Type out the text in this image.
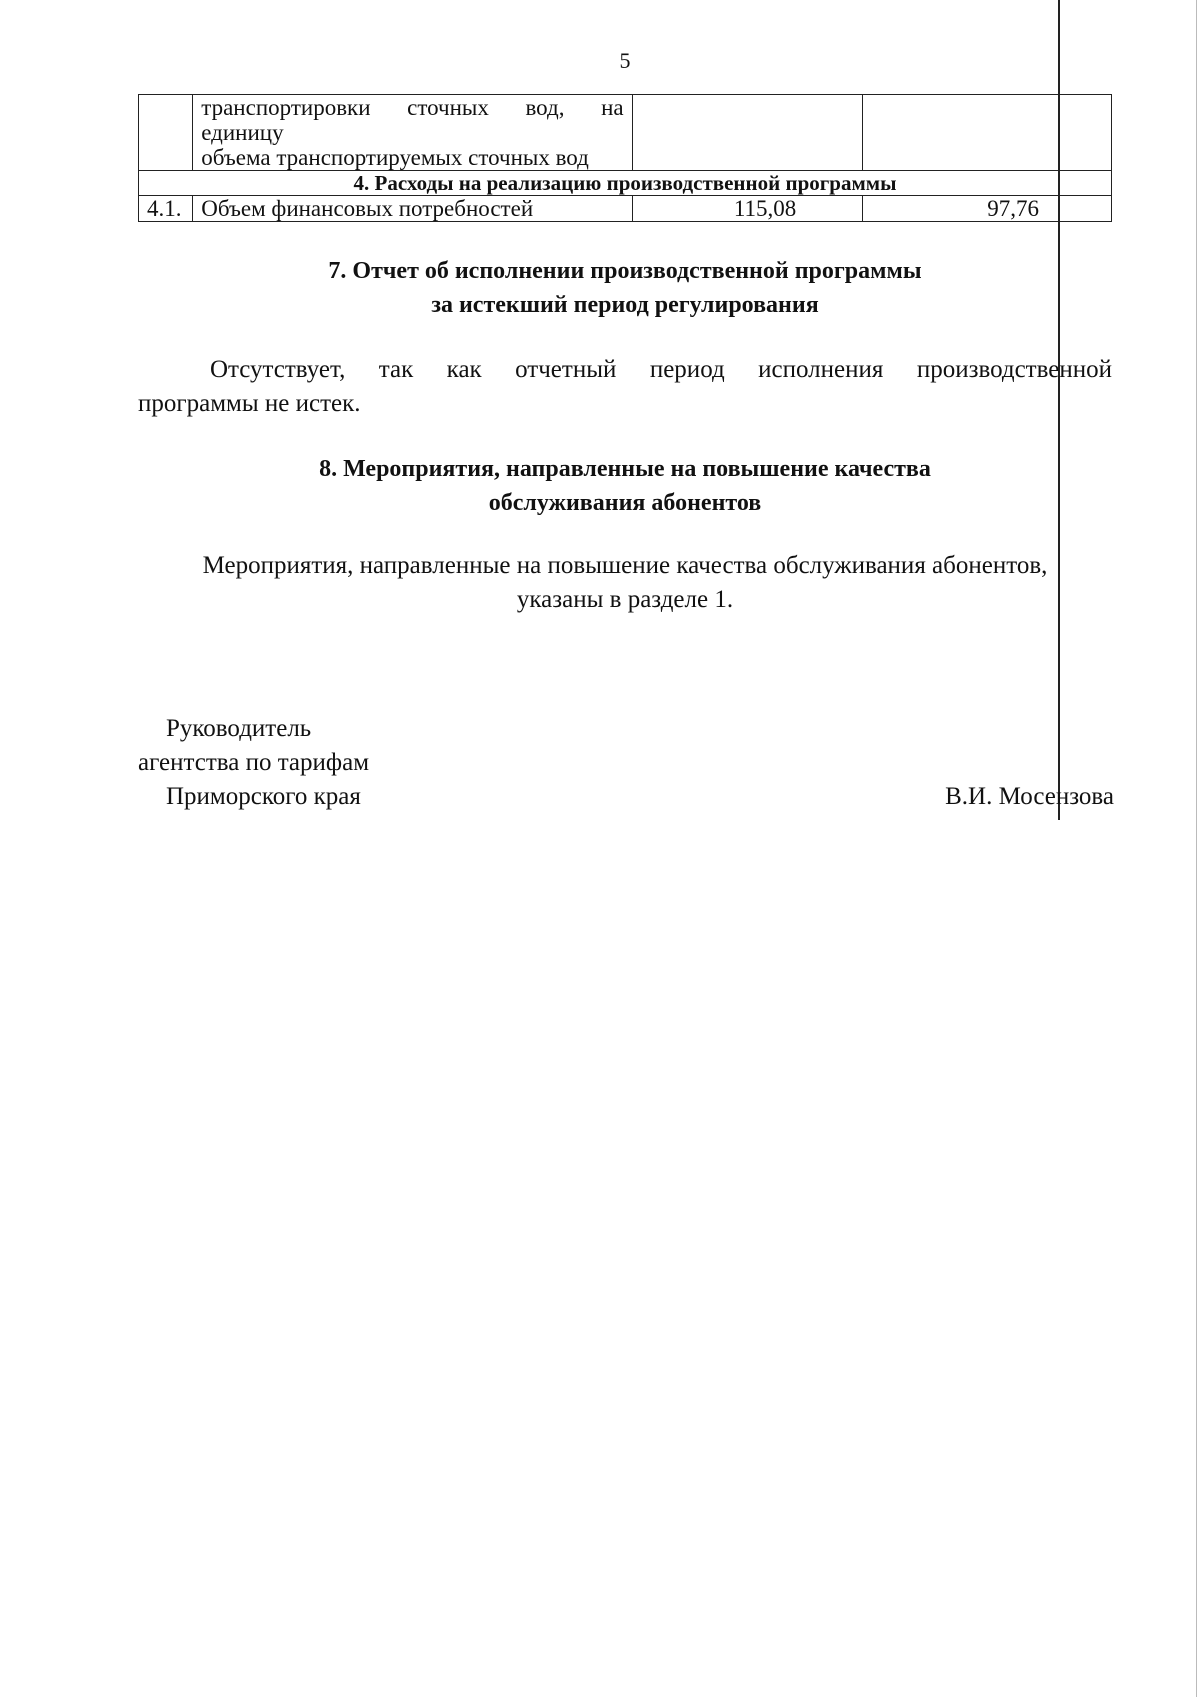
5

	транспортировки сточных вод, на единицу
объема транспортируемых сточных вод		

4. Расходы на реализацию производственной программы			
4.1.	Объем финансовых потребностей	115,08	97,76
7. Отчет об исполнении производственной программы
за истекший период регулирования
Отсутствует, так как отчетный период исполнения производственной
программы не истек.
8. Мероприятия, направленные на повышение качества
обслуживания абонентов
Мероприятия, направленные на повышение качества обслуживания абонентов,
указаны в разделе 1.
Руководитель
агентства по тарифам
Приморского края	В.И. Мосензова
